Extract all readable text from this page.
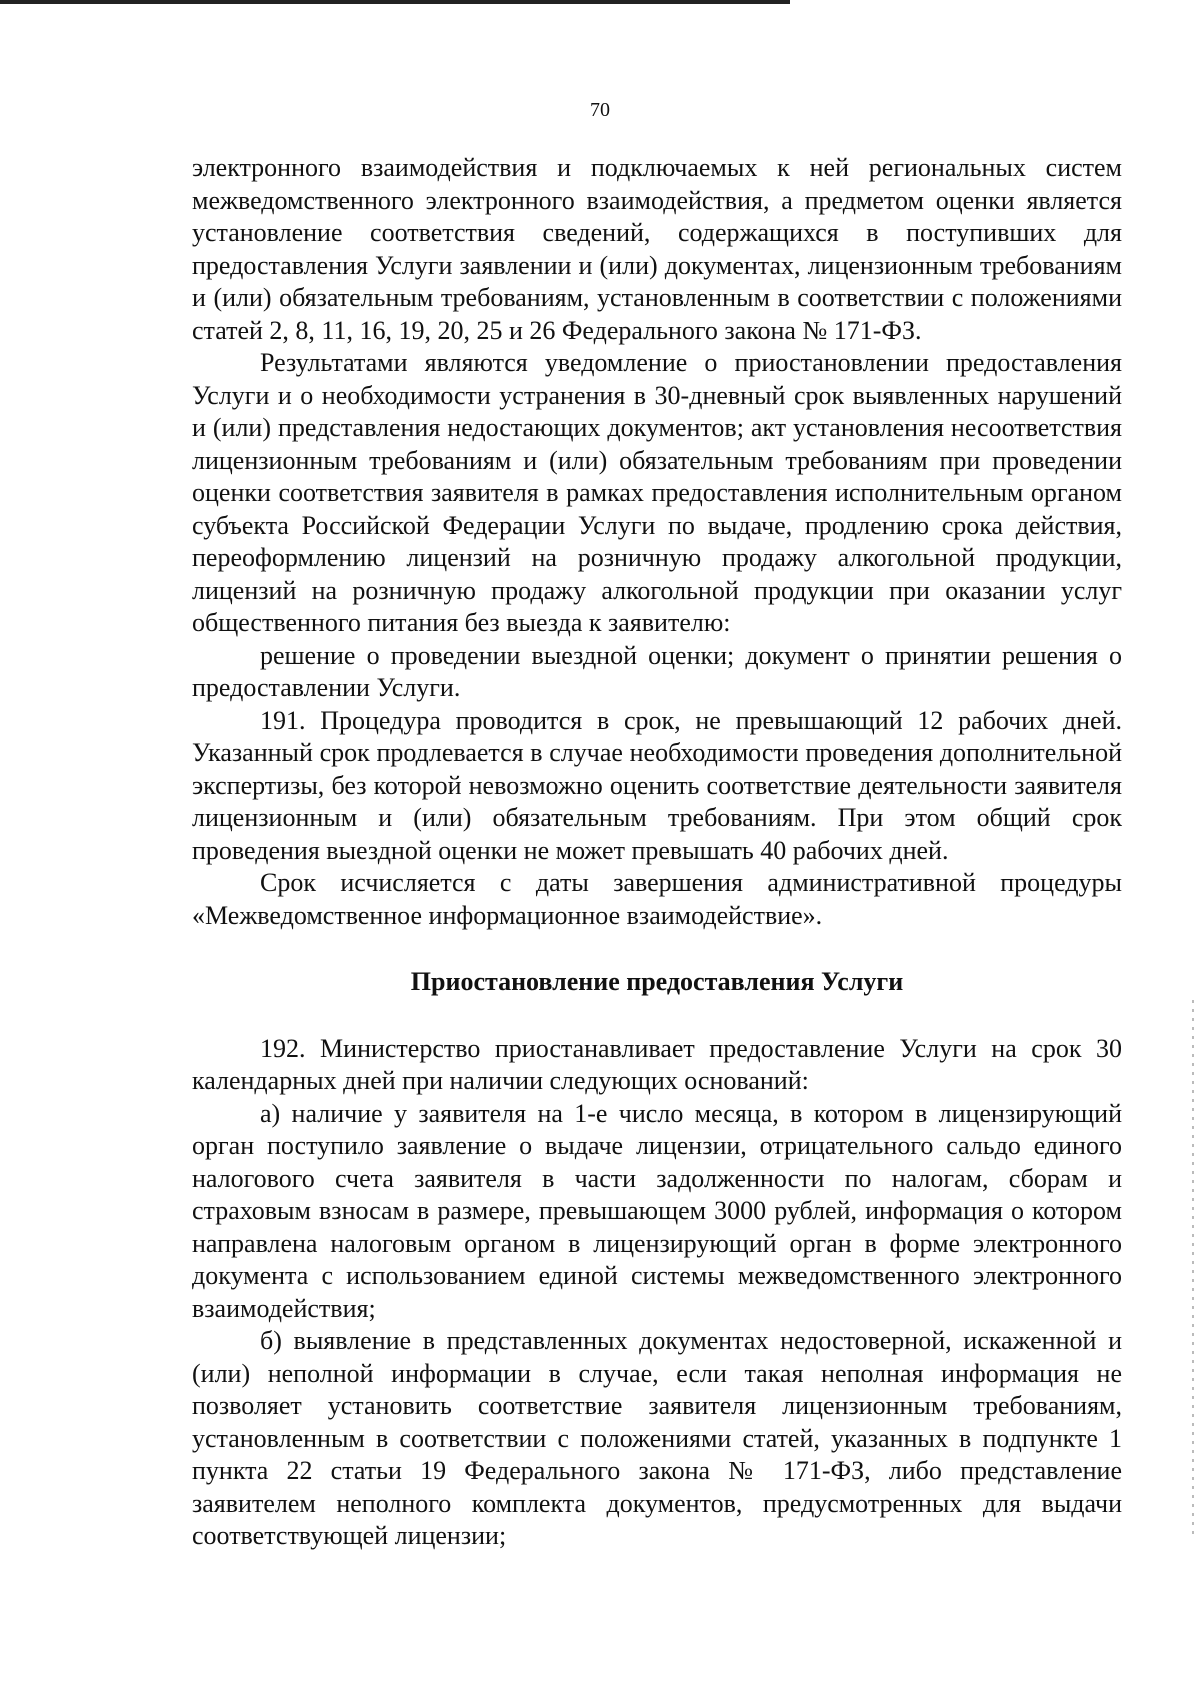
70

электронного взаимодействия и подключаемых к ней региональных систем межведомственного электронного взаимодействия, а предметом оценки является установление соответствия сведений, содержащихся в поступивших для предоставления Услуги заявлении и (или) документах, лицензионным требованиям и (или) обязательным требованиям, установленным в соответствии с положениями статей 2, 8, 11, 16, 19, 20, 25 и 26 Федерального закона № 171-ФЗ.

Результатами являются уведомление о приостановлении предоставления Услуги и о необходимости устранения в 30-дневный срок выявленных нарушений и (или) представления недостающих документов; акт установления несоответствия лицензионным требованиям и (или) обязательным требованиям при проведении оценки соответствия заявителя в рамках предоставления исполнительным органом субъекта Российской Федерации Услуги по выдаче, продлению срока действия, переоформлению лицензий на розничную продажу алкогольной продукции, лицензий на розничную продажу алкогольной продукции при оказании услуг общественного питания без выезда к заявителю:

решение о проведении выездной оценки; документ о принятии решения о предоставлении Услуги.

191. Процедура проводится в срок, не превышающий 12 рабочих дней. Указанный срок продлевается в случае необходимости проведения дополнительной экспертизы, без которой невозможно оценить соответствие деятельности заявителя лицензионным и (или) обязательным требованиям. При этом общий срок проведения выездной оценки не может превышать 40 рабочих дней.

Срок исчисляется с даты завершения административной процедуры «Межведомственное информационное взаимодействие».

Приостановление предоставления Услуги

192. Министерство приостанавливает предоставление Услуги на срок 30 календарных дней при наличии следующих оснований:

а) наличие у заявителя на 1-е число месяца, в котором в лицензирующий орган поступило заявление о выдаче лицензии, отрицательного сальдо единого налогового счета заявителя в части задолженности по налогам, сборам и страховым взносам в размере, превышающем 3000 рублей, информация о котором направлена налоговым органом в лицензирующий орган в форме электронного документа с использованием единой системы межведомственного электронного взаимодействия;

б) выявление в представленных документах недостоверной, искаженной и (или) неполной информации в случае, если такая неполная информация не позволяет установить соответствие заявителя лицензионным требованиям, установленным в соответствии с положениями статей, указанных в подпункте 1 пункта 22 статьи 19 Федерального закона № 171-ФЗ, либо представление заявителем неполного комплекта документов, предусмотренных для выдачи соответствующей лицензии;
